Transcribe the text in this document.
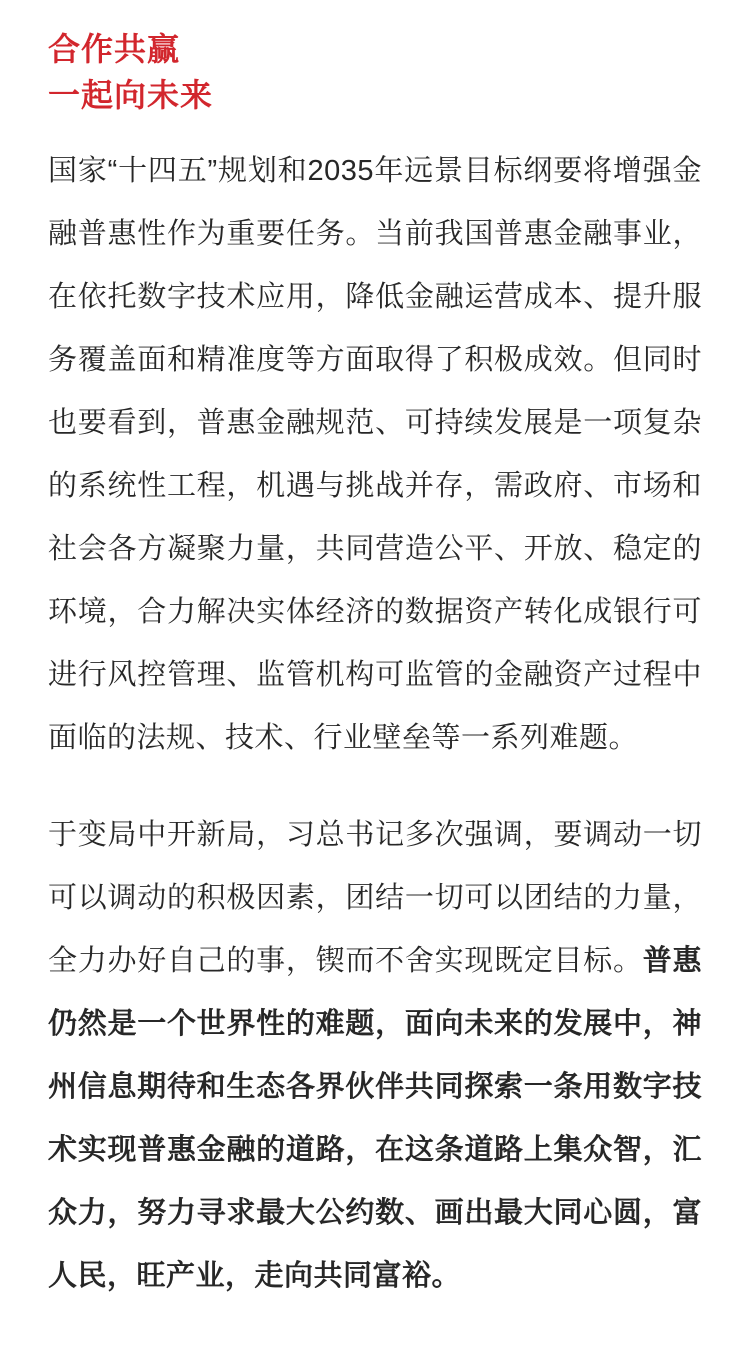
合作共赢
一起向未来

国家“十四五”规划和2035年远景目标纲要将增强金融普惠性作为重要任务。当前我国普惠金融事业，在依托数字技术应用，降低金融运营成本、提升服务覆盖面和精准度等方面取得了积极成效。但同时也要看到，普惠金融规范、可持续发展是一项复杂的系统性工程，机遇与挑战并存，需政府、市场和社会各方凝聚力量，共同营造公平、开放、稳定的环境，合力解决实体经济的数据资产转化成银行可进行风控管理、监管机构可监管的金融资产过程中面临的法规、技术、行业壁垒等一系列难题。

于变局中开新局，习总书记多次强调，要调动一切可以调动的积极因素，团结一切可以团结的力量，全力办好自己的事，锲而不舍实现既定目标。普惠仍然是一个世界性的难题，面向未来的发展中，神州信息期待和生态各界伙伴共同探索一条用数字技术实现普惠金融的道路，在这条道路上集众智，汇众力，努力寻求最大公约数、画出最大同心圆，富人民，旺产业，走向共同富裕。
